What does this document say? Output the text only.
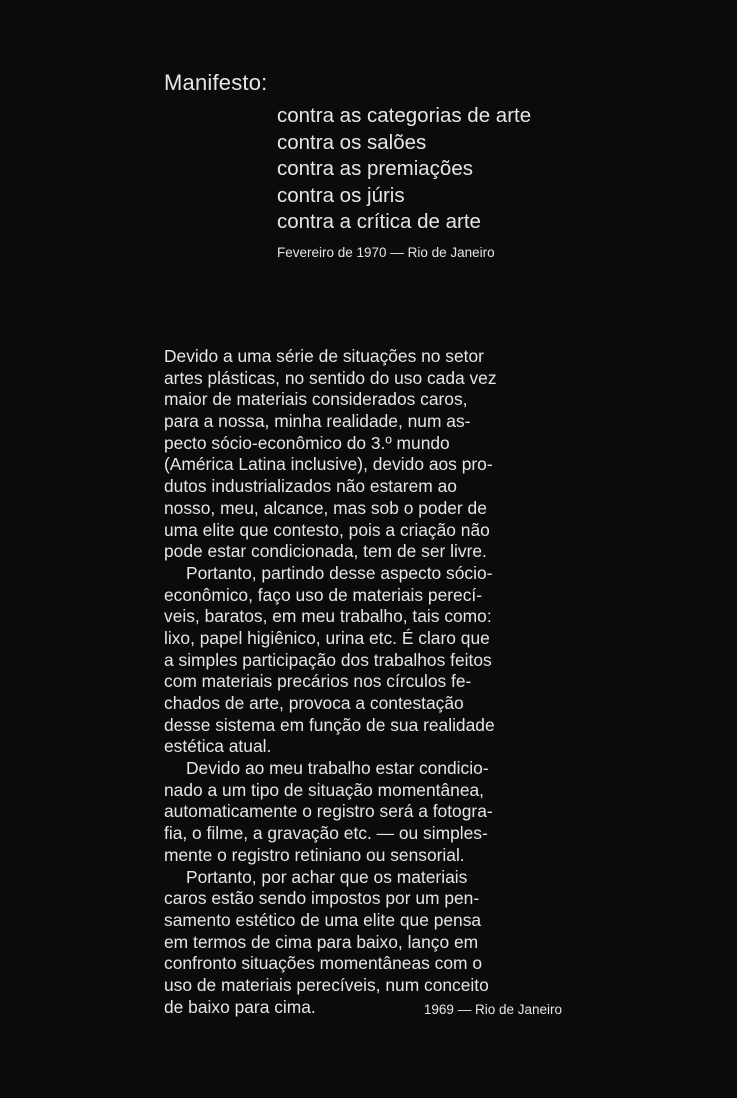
Manifesto:
contra as categorias de arte
contra os salões
contra as premiações
contra os júris
contra a crítica de arte

Fevereiro de 1970 — Rio de Janeiro

Devido a uma série de situações no setor
artes plásticas, no sentido do uso cada vez
maior de materiais considerados caros,
para a nossa, minha realidade, num as-
pecto sócio-econômico do 3.º mundo
(América Latina inclusive), devido aos pro-
dutos industrializados não estarem ao
nosso, meu, alcance, mas sob o poder de
uma elite que contesto, pois a criação não
pode estar condicionada, tem de ser livre.
Portanto, partindo desse aspecto sócio-
econômico, faço uso de materiais perecí-
veis, baratos, em meu trabalho, tais como:
lixo, papel higiênico, urina etc. É claro que
a simples participação dos trabalhos feitos
com materiais precários nos círculos fe-
chados de arte, provoca a contestação
desse sistema em função de sua realidade
estética atual.
Devido ao meu trabalho estar condicio-
nado a um tipo de situação momentânea,
automaticamente o registro será a fotogra-
fia, o filme, a gravação etc. — ou simples-
mente o registro retiniano ou sensorial.
Portanto, por achar que os materiais
caros estão sendo impostos por um pen-
samento estético de uma elite que pensa
em termos de cima para baixo, lanço em
confronto situações momentâneas com o
uso de materiais perecíveis, num conceito
de baixo para cima.	1969 — Rio de Janeiro
